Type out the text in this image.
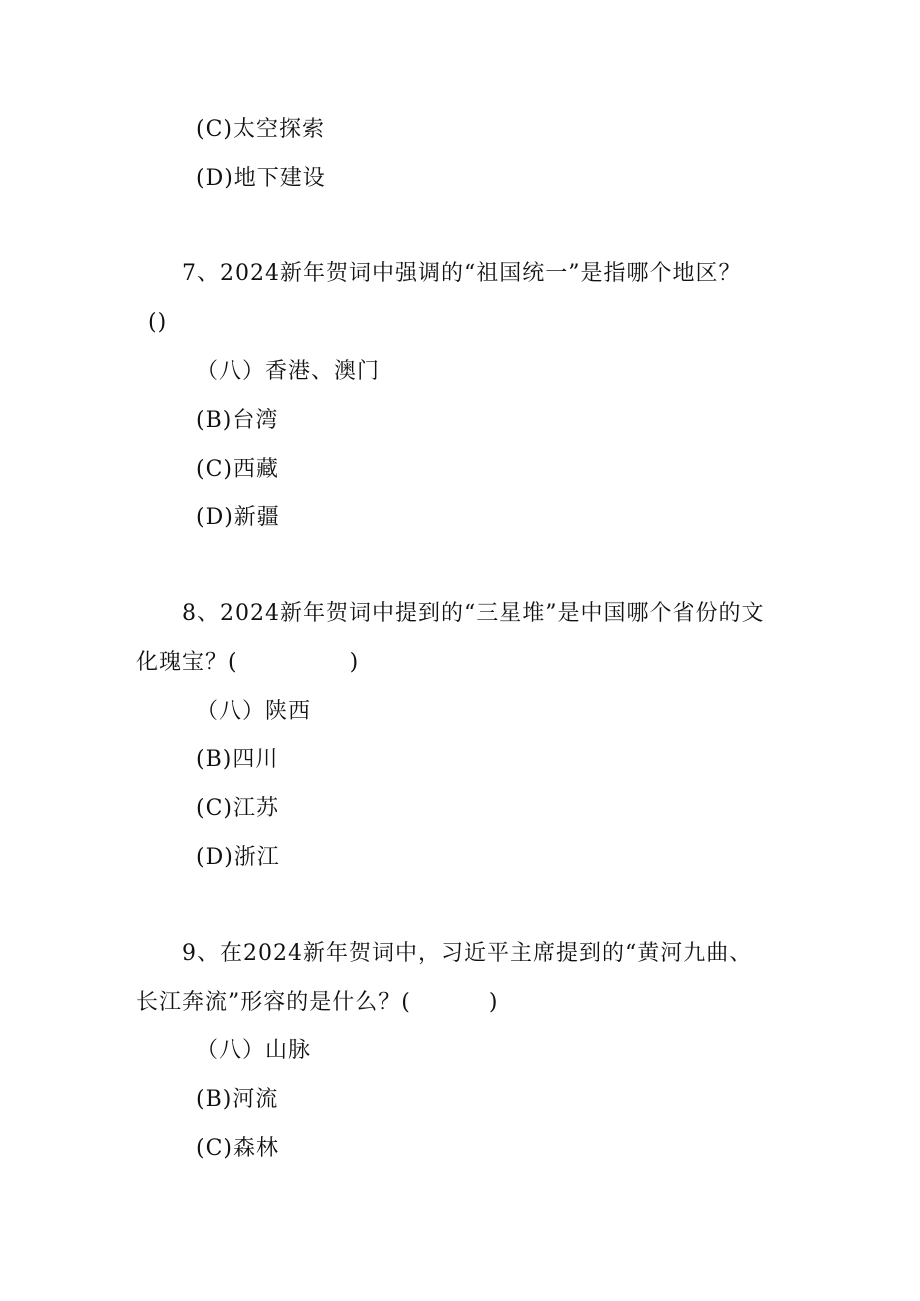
(C)太空探索
(D)地下建设
7、2024新年贺词中强调的“祖国统一”是指哪个地区？
()
（八）香港、澳门
(B)台湾
(C)西藏
(D)新疆
8、2024新年贺词中提到的“三星堆”是中国哪个省份的文
化瑰宝？(	)
（八）陕西
(B)四川
(C)江苏
(D)浙江
9、在2024新年贺词中，习近平主席提到的“黄河九曲、
长江奔流”形容的是什么？(	)
（八）山脉
(B)河流
(C)森林
